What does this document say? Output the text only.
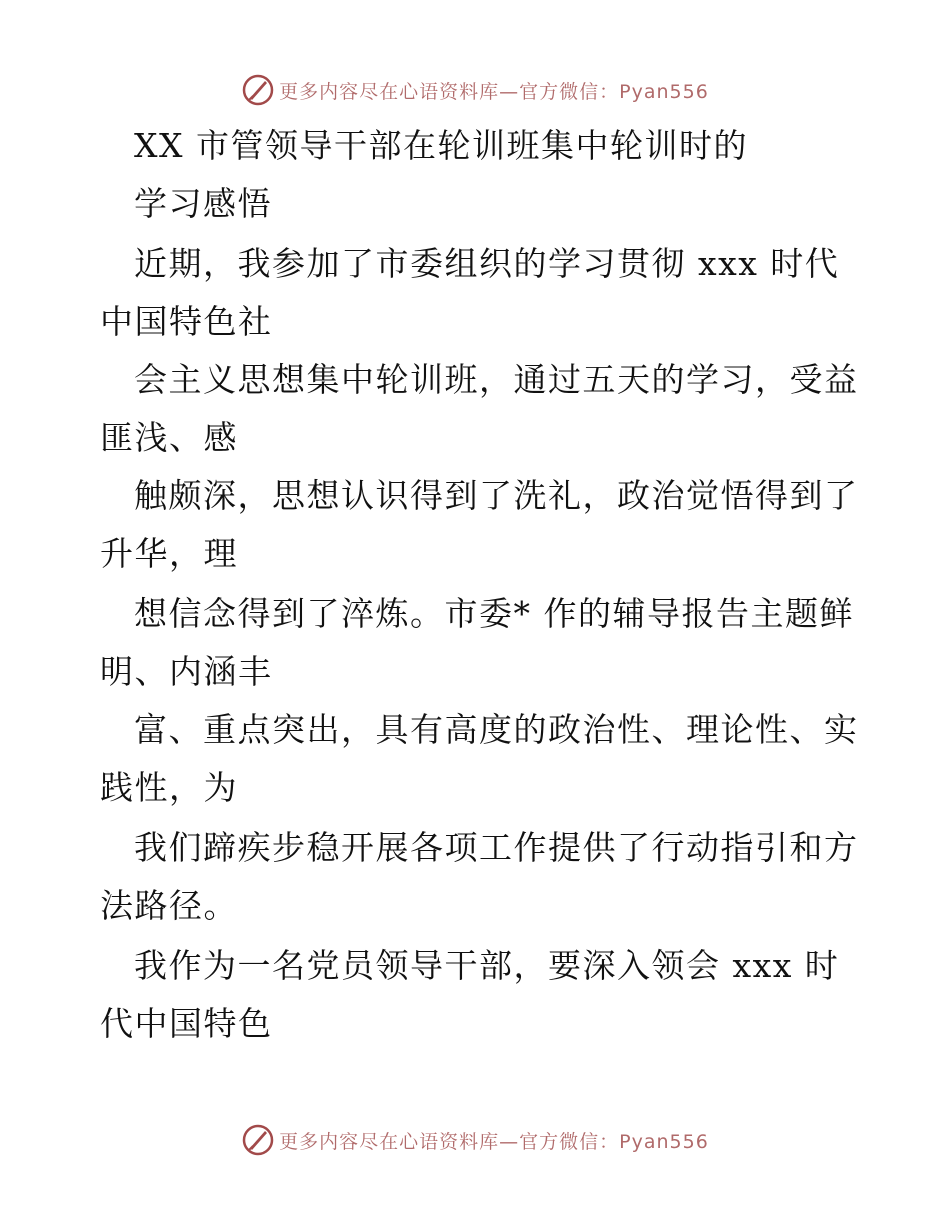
更多内容尽在心语资料库—官方微信：Pyan556
XX 市管领导干部在轮训班集中轮训时的
学习感悟
近期，我参加了市委组织的学习贯彻 xxx 时代
中国特色社
会主义思想集中轮训班，通过五天的学习，受益
匪浅、感
触颇深，思想认识得到了洗礼，政治觉悟得到了
升华，理
想信念得到了淬炼。市委* 作的辅导报告主题鲜
明、内涵丰
富、重点突出，具有高度的政治性、理论性、实
践性，为
我们蹄疾步稳开展各项工作提供了行动指引和方
法路径。
我作为一名党员领导干部，要深入领会 xxx 时
代中国特色
更多内容尽在心语资料库—官方微信：Pyan556
